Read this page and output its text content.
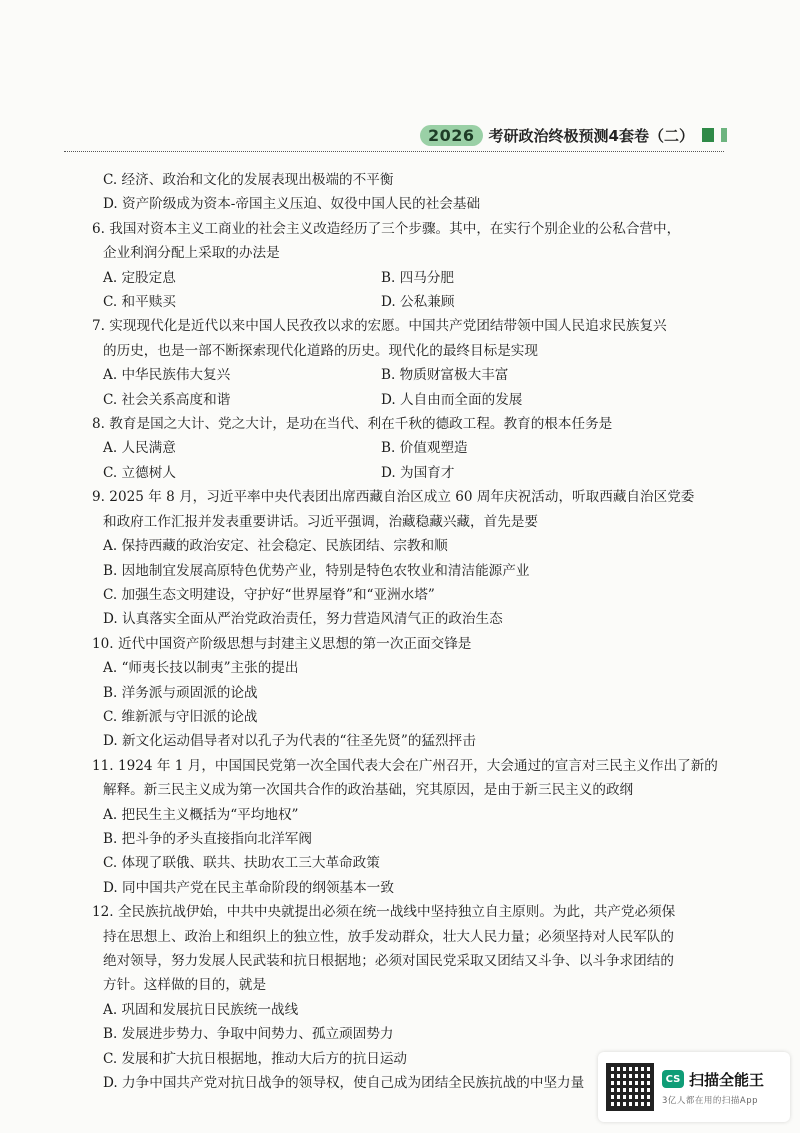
2026 考研政治终极预测4套卷（二）
C. 经济、政治和文化的发展表现出极端的不平衡
D. 资产阶级成为资本-帝国主义压迫、奴役中国人民的社会基础
6. 我国对资本主义工商业的社会主义改造经历了三个步骤。其中，在实行个别企业的公私合营中，
企业利润分配上采取的办法是
A. 定股定息	B. 四马分肥
C. 和平赎买	D. 公私兼顾
7. 实现现代化是近代以来中国人民孜孜以求的宏愿。中国共产党团结带领中国人民追求民族复兴
的历史，也是一部不断探索现代化道路的历史。现代化的最终目标是实现
A. 中华民族伟大复兴	B. 物质财富极大丰富
C. 社会关系高度和谐	D. 人自由而全面的发展
8. 教育是国之大计、党之大计，是功在当代、利在千秋的德政工程。教育的根本任务是
A. 人民满意	B. 价值观塑造
C. 立德树人	D. 为国育才
9. 2025 年 8 月，习近平率中央代表团出席西藏自治区成立 60 周年庆祝活动，听取西藏自治区党委
和政府工作汇报并发表重要讲话。习近平强调，治藏稳藏兴藏，首先是要
A. 保持西藏的政治安定、社会稳定、民族团结、宗教和顺
B. 因地制宜发展高原特色优势产业，特别是特色农牧业和清洁能源产业
C. 加强生态文明建设，守护好“世界屋脊”和“亚洲水塔”
D. 认真落实全面从严治党政治责任，努力营造风清气正的政治生态
10. 近代中国资产阶级思想与封建主义思想的第一次正面交锋是
A. “师夷长技以制夷”主张的提出
B. 洋务派与顽固派的论战
C. 维新派与守旧派的论战
D. 新文化运动倡导者对以孔子为代表的“往圣先贤”的猛烈抨击
11. 1924 年 1 月，中国国民党第一次全国代表大会在广州召开，大会通过的宣言对三民主义作出了新的
解释。新三民主义成为第一次国共合作的政治基础，究其原因，是由于新三民主义的政纲
A. 把民生主义概括为“平均地权”
B. 把斗争的矛头直接指向北洋军阀
C. 体现了联俄、联共、扶助农工三大革命政策
D. 同中国共产党在民主革命阶段的纲领基本一致
12. 全民族抗战伊始，中共中央就提出必须在统一战线中坚持独立自主原则。为此，共产党必须保
持在思想上、政治上和组织上的独立性，放手发动群众，壮大人民力量；必须坚持对人民军队的
绝对领导，努力发展人民武装和抗日根据地；必须对国民党采取又团结又斗争、以斗争求团结的
方针。这样做的目的，就是
A. 巩固和发展抗日民族统一战线
B. 发展进步势力、争取中间势力、孤立顽固势力
C. 发展和扩大抗日根据地，推动大后方的抗日运动
D. 力争中国共产党对抗日战争的领导权，使自己成为团结全民族抗战的中坚力量	CS 扫描全能王
3亿人都在用的扫描App
